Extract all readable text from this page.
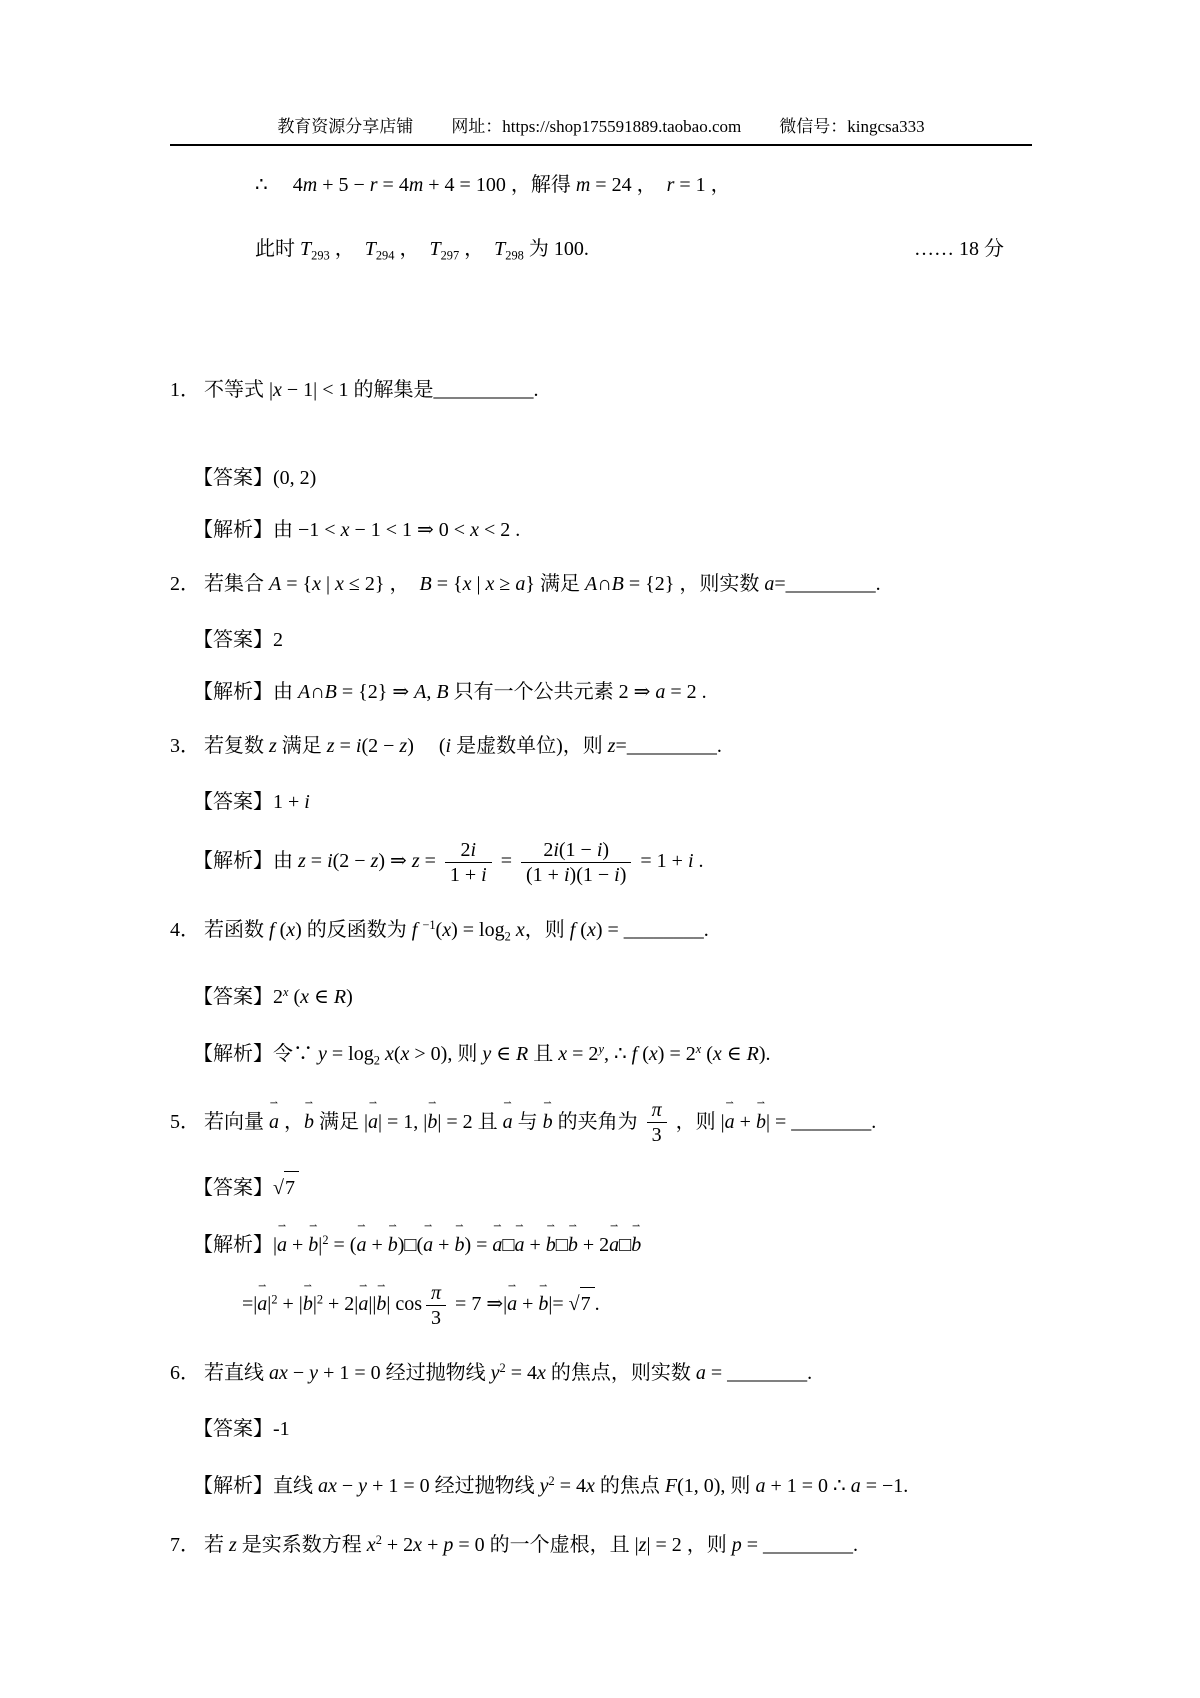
教育资源分享店铺 网址：https://shop175591889.taobao.com 微信号：kingcsa333
∴　 4m + 5 − r = 4m + 4 = 100 ，解得 m = 24 ，　r = 1 ，
此时 $T_{293}$ ，　$T_{294}$ ，　$T_{297}$ ，　$T_{298}$ 为 100.	…… 18 分
1． 不等式 |x − 1| < 1 的解集是__________.
【答案】(0, 2)
【解析】由 −1 < x − 1 < 1 ⇒ 0 < x < 2 .
2． 若集合 A = {x | x ≤ 2} ，　B = {x | x ≥ a} 满足 A∩B = {2} ，则实数 a=_________.
【答案】2
【解析】由 A∩B = {2} ⇒ A, B 只有一个公共元素 2 ⇒ a = 2 .
3． 若复数 z 满足 z = i(2 − z)　 (i 是虚数单位)，则 z=_________.
【答案】1 + i
【解析】由 z = i(2 − z) ⇒ $z = \frac{2i}{1 + i} = \frac{2i(1 - i)}{(1 + i)(1 - i)} = 1 + i$ .
4． 若函数 f (x) 的反函数为 f $^{-1}(x) = \log_2 x$，则 f (x) = ________.
【答案】2$^x$ (x ∈ R)
【解析】令∵ $y = \log_2 x(x > 0)$, 则 y ∈ R 且 $x = 2^y$, ∴ f $(x) = 2^x$ (x ∈ R).
5． 若向量
⇀
a ，
⇀
b 满足 |
⇀
a| = 1, |
⇀
b| = 2 且
⇀
a 与
⇀
b 的夹角为 $\frac{\pi}{3}$ ，则 |
⇀
a +
⇀
b| = ________.
【答案】 √ 7
【解析】|
⇀
a +
⇀
$b|^2$ = (
⇀
a +
⇀
b)□(
⇀
a +
⇀
b) =
⇀
a□
⇀
a +
⇀
b□
⇀
b + 2
⇀
a□
⇀
b
=|
⇀
$a|^2$ + |
⇀
$b|^2 + 2|$
⇀
a||
⇀
b| $\cos \frac{\pi}{3} = 7$ ⇒|
⇀
a +
⇀
b|= √ 7 .
6． 若直线 ax − y + 1 = 0 经过抛物线 $y^2 = 4x$ 的焦点，则实数 a = ________.
【答案】-1
【解析】直线 ax − y + 1 = 0 经过抛物线 $y^2 = 4x$ 的焦点 F(1, 0), 则 a + 1 = 0 ∴ a = −1.
7． 若 z 是实系数方程 $x^2 + 2x + p = 0$ 的一个虚根，且 |z| = 2 ，则 p = _________.
